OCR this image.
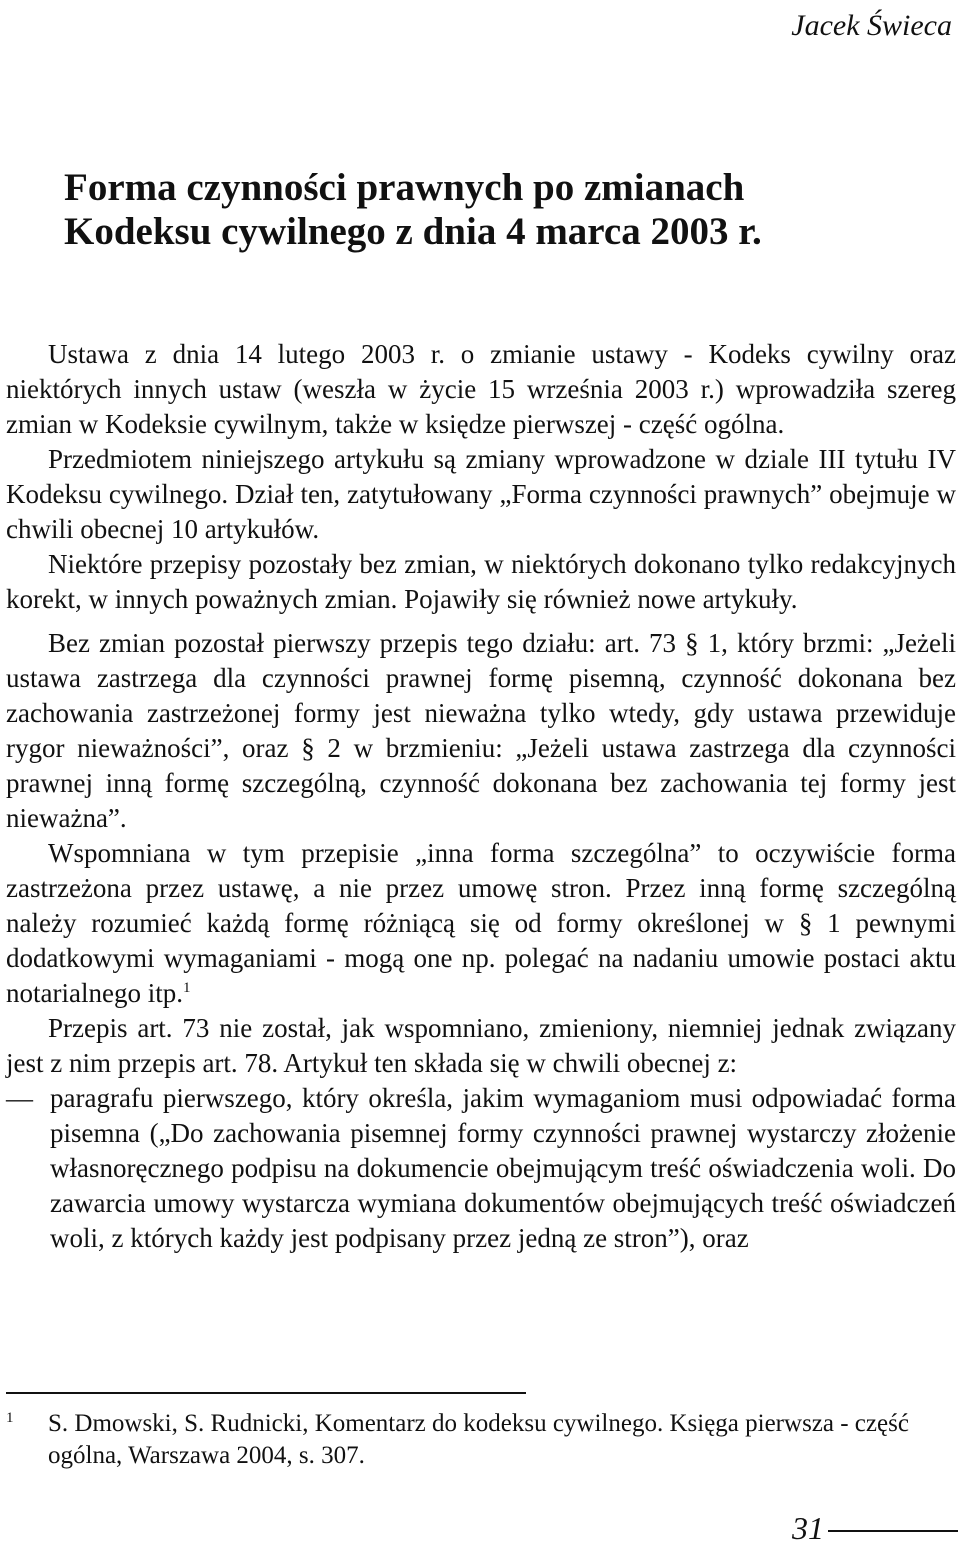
Jacek Świeca
Forma czynności prawnych po zmianach
Kodeksu cywilnego z dnia 4 marca 2003 r.

Ustawa z dnia 14 lutego 2003 r. o zmianie ustawy - Kodeks cywilny oraz niektórych innych ustaw (weszła w życie 15 września 2003 r.) wprowadziła szereg zmian w Kodeksie cywilnym, także w księdze pierwszej - część ogólna.

Przedmiotem niniejszego artykułu są zmiany wprowadzone w dziale III tytułu IV Kodeksu cywilnego. Dział ten, zatytułowany „Forma czynności prawnych” obejmuje w chwili obecnej 10 artykułów.

Niektóre przepisy pozostały bez zmian, w niektórych dokonano tylko redakcyjnych korekt, w innych poważnych zmian. Pojawiły się również nowe artykuły.

Bez zmian pozostał pierwszy przepis tego działu: art. 73 § 1, który brzmi: „Jeżeli ustawa zastrzega dla czynności prawnej formę pisemną, czynność dokonana bez zachowania zastrzeżonej formy jest nieważna tylko wtedy, gdy ustawa przewiduje rygor nieważności”, oraz § 2 w brzmieniu: „Jeżeli ustawa zastrzega dla czynności prawnej inną formę szczególną, czynność dokonana bez zachowania tej formy jest nieważna”.

Wspomniana w tym przepisie „inna forma szczególna” to oczywiście forma zastrzeżona przez ustawę, a nie przez umowę stron. Przez inną formę szczególną należy rozumieć każdą formę różniącą się od formy określonej w § 1 pewnymi dodatkowymi wymaganiami - mogą one np. polegać na nadaniu umowie postaci aktu notarialnego itp.$^1$

Przepis art. 73 nie został, jak wspomniano, zmieniony, niemniej jednak związany jest z nim przepis art. 78. Artykuł ten składa się w chwili obecnej z:

— paragrafu pierwszego, który określa, jakim wymaganiom musi odpowiadać forma pisemna („Do zachowania pisemnej formy czynności prawnej wystarczy złożenie własnoręcznego podpisu na dokumencie obejmującym treść oświadczenia woli. Do zawarcia umowy wystarcza wymiana dokumentów obejmujących treść oświadczeń woli, z których każdy jest podpisany przez jedną ze stron”), oraz
1	S. Dmowski, S. Rudnicki, Komentarz do kodeksu cywilnego. Księga pierwsza - część ogólna, Warszawa 2004, s. 307.
31
